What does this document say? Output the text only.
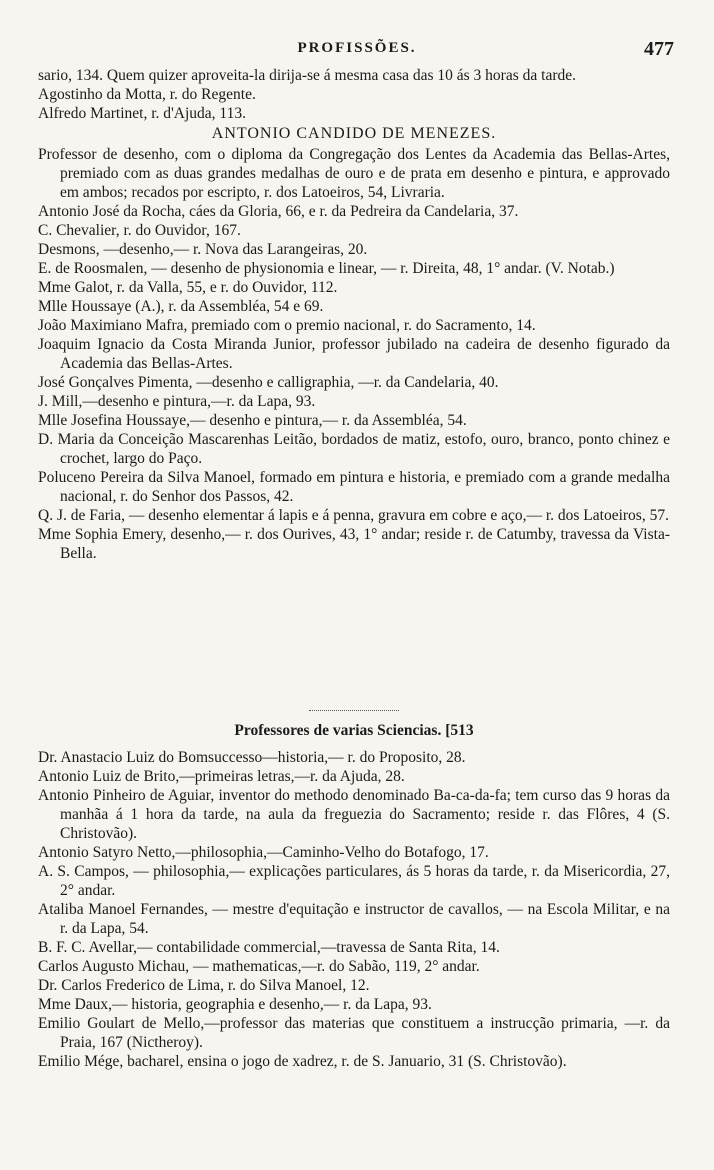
PROFISSÕES.	477

sario, 134. Quem quizer aproveita-la dirija-se á mesma casa das 10 ás 3 horas da tarde.

Agostinho da Motta, r. do Regente.

Alfredo Martinet, r. d'Ajuda, 113.

ANTONIO CANDIDO DE MENEZES.

Professor de desenho, com o diploma da Congregação dos Lentes da Academia das Bellas-Artes, premiado com as duas grandes medalhas de ouro e de prata em desenho e pintura, e approvado em ambos; recados por escripto, r. dos Latoeiros, 54, Livraria.

Antonio José da Rocha, cáes da Gloria, 66, e r. da Pedreira da Candelaria, 37.

C. Chevalier, r. do Ouvidor, 167.

Desmons, —desenho,— r. Nova das Larangeiras, 20.

E. de Roosmalen, — desenho de physionomia e linear, — r. Direita, 48, 1° andar. (V. Notab.)

Mme Galot, r. da Valla, 55, e r. do Ouvidor, 112.

Mlle Houssaye (A.), r. da Assembléa, 54 e 69.

João Maximiano Mafra, premiado com o premio nacional, r. do Sacramento, 14.

Joaquim Ignacio da Costa Miranda Junior, professor jubilado na cadeira de desenho figurado da Academia das Bellas-Artes.

José Gonçalves Pimenta, —desenho e calligraphia, —r. da Candelaria, 40.

J. Mill,—desenho e pintura,—r. da Lapa, 93.

Mlle Josefina Houssaye,— desenho e pintura,— r. da Assembléa, 54.

D. Maria da Conceição Mascarenhas Leitão, bordados de matiz, estofo, ouro, branco, ponto chinez e crochet, largo do Paço.

Poluceno Pereira da Silva Manoel, formado em pintura e historia, e premiado com a grande medalha nacional, r. do Senhor dos Passos, 42.

Q. J. de Faria, — desenho elementar á lapis e á penna, gravura em cobre e aço,— r. dos Latoeiros, 57.

Mme Sophia Emery, desenho,— r. dos Ourives, 43, 1° andar; reside r. de Catumby, travessa da Vista-Bella.

Professores de varias Sciencias. [513

Dr. Anastacio Luiz do Bomsuccesso—historia,— r. do Proposito, 28.

Antonio Luiz de Brito,—primeiras letras,—r. da Ajuda, 28.

Antonio Pinheiro de Aguiar, inventor do methodo denominado Ba-ca-da-fa; tem curso das 9 horas da manhãa á 1 hora da tarde, na aula da freguezia do Sacramento; reside r. das Flôres, 4 (S. Christovão).

Antonio Satyro Netto,—philosophia,—Caminho-Velho do Botafogo, 17.

A. S. Campos, — philosophia,— explicações particulares, ás 5 horas da tarde, r. da Misericordia, 27, 2° andar.

Ataliba Manoel Fernandes, — mestre d'equitação e instructor de cavallos, — na Escola Militar, e na r. da Lapa, 54.

B. F. C. Avellar,— contabilidade commercial,—travessa de Santa Rita, 14.

Carlos Augusto Michau, — mathematicas,—r. do Sabão, 119, 2° andar.

Dr. Carlos Frederico de Lima, r. do Silva Manoel, 12.

Mme Daux,— historia, geographia e desenho,— r. da Lapa, 93.

Emilio Goulart de Mello,—professor das materias que constituem a instrucção primaria, —r. da Praia, 167 (Nictheroy).

Emilio Mége, bacharel, ensina o jogo de xadrez, r. de S. Januario, 31 (S. Christovão).
